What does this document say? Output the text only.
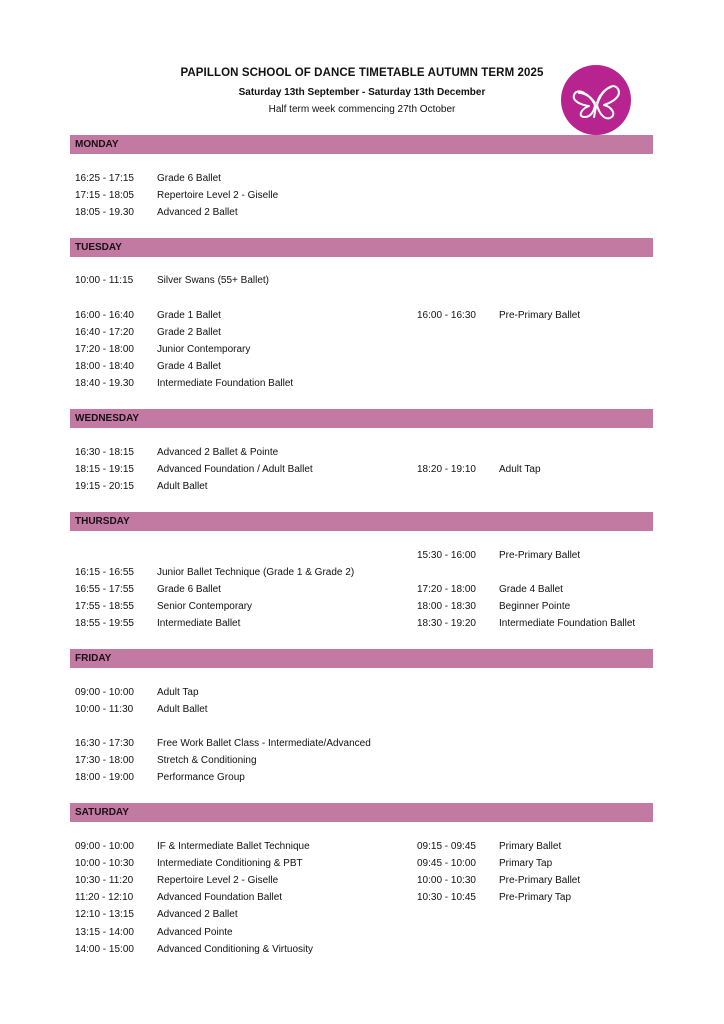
PAPILLON SCHOOL OF DANCE TIMETABLE AUTUMN TERM 2025
Saturday 13th September - Saturday 13th December
Half term week commencing 27th October
MONDAY
16:25 - 17:15 Grade 6 Ballet
17:15 - 18:05 Repertoire Level 2 - Giselle
18:05 - 19.30 Advanced 2 Ballet
TUESDAY
10:00 - 11:15 Silver Swans (55+ Ballet)
16:00 - 16:40 Grade 1 Ballet
16:40 - 17:20 Grade 2 Ballet
17:20 - 18:00 Junior Contemporary
18:00 - 18:40 Grade 4 Ballet
18:40 - 19.30 Intermediate Foundation Ballet
16:00 - 16:30 Pre-Primary Ballet
WEDNESDAY
16:30 - 18:15 Advanced 2 Ballet & Pointe
18:15 - 19:15 Advanced Foundation / Adult Ballet
19:15 - 20:15 Adult Ballet
18:20 - 19:10 Adult Tap
THURSDAY
16:15 - 16:55 Junior Ballet Technique (Grade 1 & Grade 2)
16:55 - 17:55 Grade 6 Ballet
17:55 - 18:55 Senior Contemporary
18:55 - 19:55 Intermediate Ballet
15:30 - 16:00 Pre-Primary Ballet
17:20 - 18:00 Grade 4 Ballet
18:00 - 18:30 Beginner Pointe
18:30 - 19:20 Intermediate Foundation Ballet
FRIDAY
09:00 - 10:00 Adult Tap
10:00 - 11:30 Adult Ballet
16:30 - 17:30 Free Work Ballet Class - Intermediate/Advanced
17:30 - 18:00 Stretch & Conditioning
18:00 - 19:00 Performance Group
SATURDAY
09:00 - 10:00 IF & Intermediate Ballet Technique
10:00 - 10:30 Intermediate Conditioning & PBT
10:30 - 11:20 Repertoire Level 2 - Giselle
11:20 - 12:10 Advanced Foundation Ballet
12:10 - 13:15 Advanced 2 Ballet
13:15 - 14:00 Advanced Pointe
14:00 - 15:00 Advanced Conditioning & Virtuosity
09:15 - 09:45 Primary Ballet
09:45 - 10:00 Primary Tap
10:00 - 10:30 Pre-Primary Ballet
10:30 - 10:45 Pre-Primary Tap
